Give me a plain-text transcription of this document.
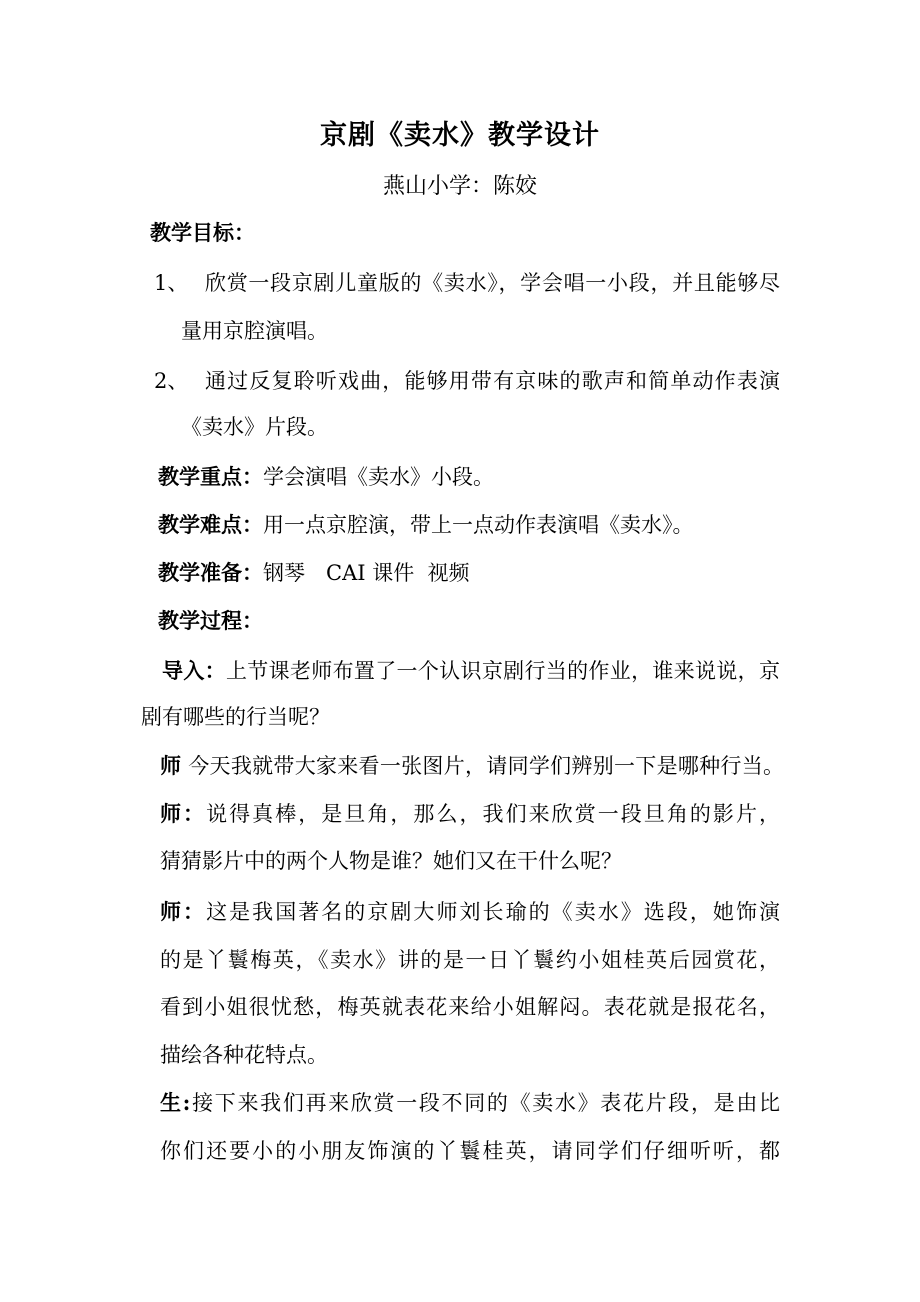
京剧《卖水》教学设计
燕山小学：陈姣
教学目标：
1、 欣赏一段京剧儿童版的《卖水》，学会唱一小段，并且能够尽
量用京腔演唱。
2、 通过反复聆听戏曲，能够用带有京味的歌声和简单动作表演
《卖水》片段。
教学重点：学会演唱《卖水》小段。
教学难点：用一点京腔演，带上一点动作表演唱《卖水》。
教学准备：钢琴　CAI 课件  视频
教学过程：
导入：上节课老师布置了一个认识京剧行当的作业，谁来说说，京
剧有哪些的行当呢？
师 今天我就带大家来看一张图片，请同学们辨别一下是哪种行当。
师：说得真棒，是旦角，那么，我们来欣赏一段旦角的影片，
猜猜影片中的两个人物是谁？她们又在干什么呢？
师：这是我国著名的京剧大师刘长瑜的《卖水》选段，她饰演
的是丫鬟梅英，《卖水》讲的是一日丫鬟约小姐桂英后园赏花，
看到小姐很忧愁，梅英就表花来给小姐解闷。表花就是报花名，
描绘各种花特点。
生:接下来我们再来欣赏一段不同的《卖水》表花片段，是由比
你们还要小的小朋友饰演的丫鬟桂英，请同学们仔细听听，都
